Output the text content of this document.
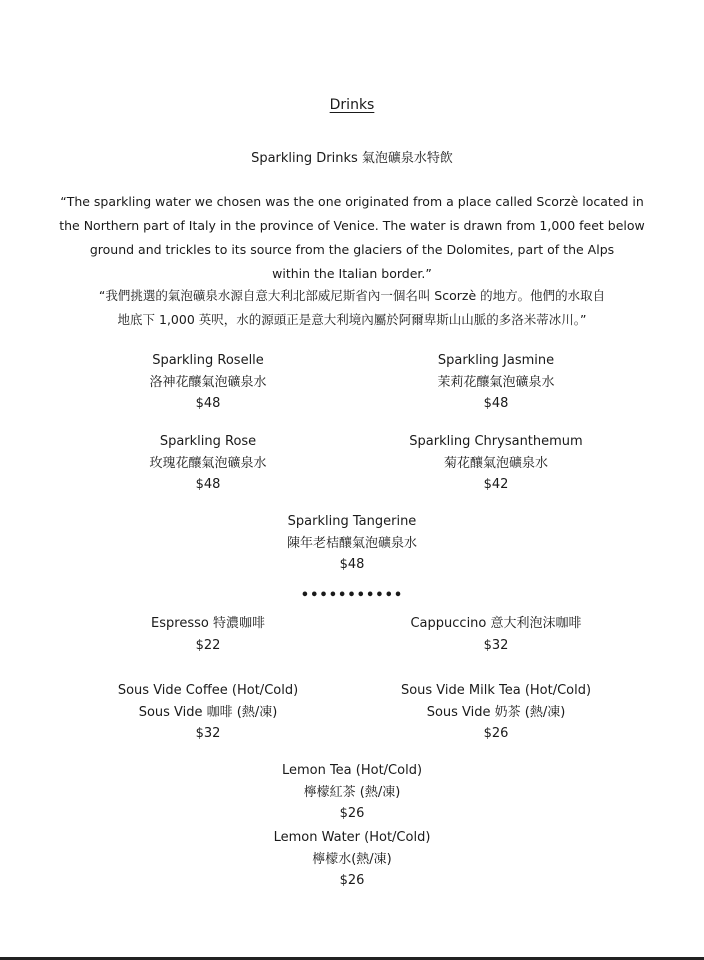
Drinks
Sparkling Drinks 氣泡礦泉水特飲
“The sparkling water we chosen was the one originated from a place called Scorzè located in
the Northern part of Italy in the province of Venice. The water is drawn from 1,000 feet below
ground and trickles to its source from the glaciers of the Dolomites, part of the Alps
within the Italian border.”
“我們挑選的氣泡礦泉水源自意大利北部威尼斯省內一個名叫 Scorzè 的地方。他們的水取自
地底下 1,000 英呎，水的源頭正是意大利境內屬於阿爾卑斯山山脈的多洛米蒂冰川。”
Sparkling Roselle
洛神花釀氣泡礦泉水
$48
Sparkling Jasmine
茉莉花釀氣泡礦泉水
$48
Sparkling Rose
玫瑰花釀氣泡礦泉水
$48
Sparkling Chrysanthemum
菊花釀氣泡礦泉水
$42
Sparkling Tangerine
陳年老桔釀氣泡礦泉水
$48
•••••••••••
Espresso 特濃咖啡
$22
Cappuccino 意大利泡沫咖啡
$32
Sous Vide Coffee (Hot/Cold)
Sous Vide 咖啡 (熱/凍)
$32
Sous Vide Milk Tea (Hot/Cold)
Sous Vide 奶茶 (熱/凍)
$26
Lemon Tea (Hot/Cold)
檸檬紅茶 (熱/凍)
$26
Lemon Water (Hot/Cold)
檸檬水(熱/凍)
$26
